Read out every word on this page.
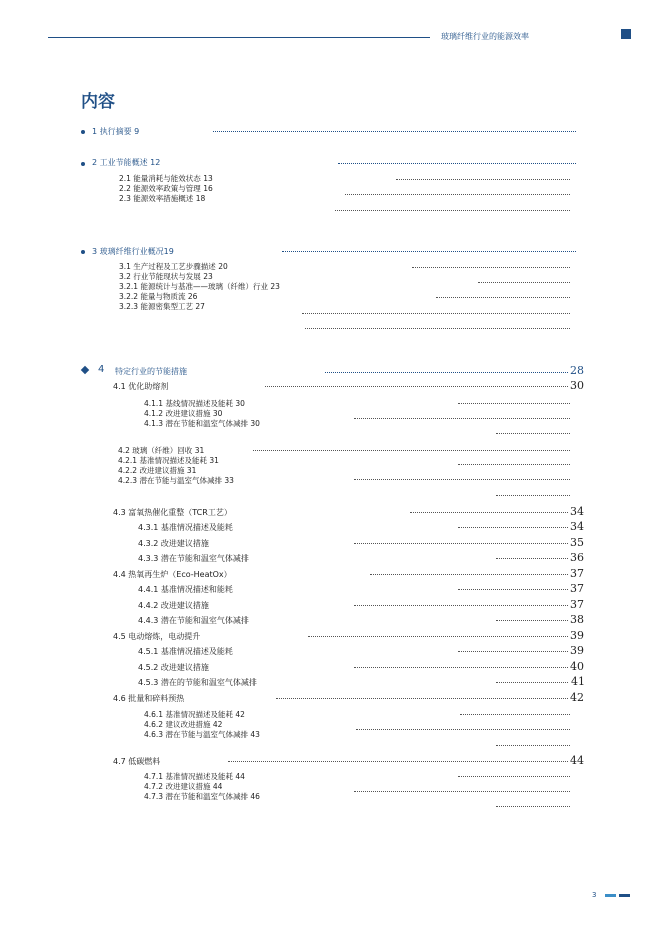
玻璃纤维行业的能源效率
内容
1 执行摘要 9
2 工业节能概述 12
2.1 能量消耗与能效状态 13
2.2 能源效率政策与管理 16
2.3 能源效率措施概述 18
3 玻璃纤维行业概况19
3.1 生产过程及工艺步骤描述 20
3.2 行业节能现状与发展 23
3.2.1 能源统计与基准——玻璃（纤维）行业 23
3.2.2 能量与物质流 26
3.2.3 能源密集型工艺 27
4 特定行业的节能措施	28
4.1 优化助熔剂	30
4.1.1 基线情况描述及能耗 30
4.1.2 改进建议措施 30
4.1.3 潜在节能和温室气体减排 30
4.2 玻璃（纤维）回收 31
4.2.1 基准情况描述及能耗 31
4.2.2 改进建议措施 31
4.2.3 潜在节能与温室气体减排 33
4.3 富氧热催化重整（TCR工艺）	34
4.3.1 基准情况描述及能耗	34
4.3.2 改进建议措施	35
4.3.3 潜在节能和温室气体减排	36
4.4 热氧再生炉（Eco-HeatOx）	37
4.4.1 基准情况描述和能耗	37
4.4.2 改进建议措施	37
4.4.3 潜在节能和温室气体减排	38
4.5 电动熔炼，电动提升	39
4.5.1 基准情况描述及能耗	39
4.5.2 改进建议措施	40
4.5.3 潜在的节能和温室气体减排	41
4.6 批量和碎料预热	42
4.6.1 基准情况描述及能耗 42
4.6.2 建议改进措施 42
4.6.3 潜在节能与温室气体减排 43
4.7 低碳燃料	44
4.7.1 基准情况描述及能耗 44
4.7.2 改进建议措施 44
4.7.3 潜在节能和温室气体减排 46
3
